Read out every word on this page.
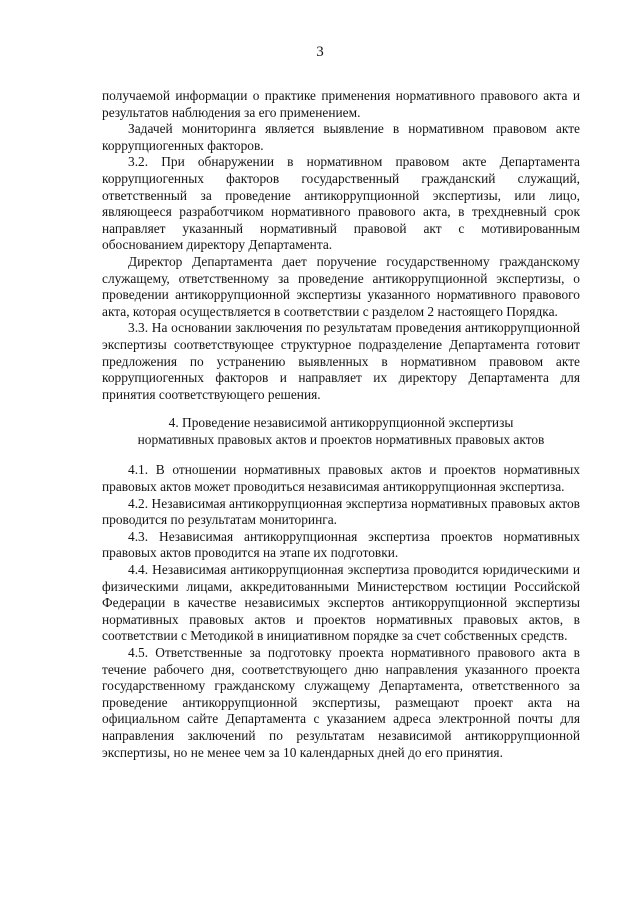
3

получаемой информации о практике применения нормативного правового акта и результатов наблюдения за его применением.

Задачей мониторинга является выявление в нормативном правовом акте коррупциогенных факторов.

3.2. При обнаружении в нормативном правовом акте Департамента коррупциогенных факторов государственный гражданский служащий, ответственный за проведение антикоррупционной экспертизы, или лицо, являющееся разработчиком нормативного правового акта, в трехдневный срок направляет указанный нормативный правовой акт с мотивированным обоснованием директору Департамента.

Директор Департамента дает поручение государственному гражданскому служащему, ответственному за проведение антикоррупционной экспертизы, о проведении антикоррупционной экспертизы указанного нормативного правового акта, которая осуществляется в соответствии с разделом 2 настоящего Порядка.

3.3. На основании заключения по результатам проведения антикоррупционной экспертизы соответствующее структурное подразделение Департамента готовит предложения по устранению выявленных в нормативном правовом акте коррупциогенных факторов и направляет их директору Департамента для принятия соответствующего решения.

4. Проведение независимой антикоррупционной экспертизы
нормативных правовых актов и проектов нормативных правовых актов

4.1. В отношении нормативных правовых актов и проектов нормативных правовых актов может проводиться независимая антикоррупционная экспертиза.

4.2. Независимая антикоррупционная экспертиза нормативных правовых актов проводится по результатам мониторинга.

4.3. Независимая антикоррупционная экспертиза проектов нормативных правовых актов проводится на этапе их подготовки.

4.4. Независимая антикоррупционная экспертиза проводится юридическими и физическими лицами, аккредитованными Министерством юстиции Российской Федерации в качестве независимых экспертов антикоррупционной экспертизы нормативных правовых актов и проектов нормативных правовых актов, в соответствии с Методикой в инициативном порядке за счет собственных средств.

4.5. Ответственные за подготовку проекта нормативного правового акта в течение рабочего дня, соответствующего дню направления указанного проекта государственному гражданскому служащему Департамента, ответственного за проведение антикоррупционной экспертизы, размещают проект акта на официальном сайте Департамента с указанием адреса электронной почты для направления заключений по результатам независимой антикоррупционной экспертизы, но не менее чем за 10 календарных дней до его принятия.
